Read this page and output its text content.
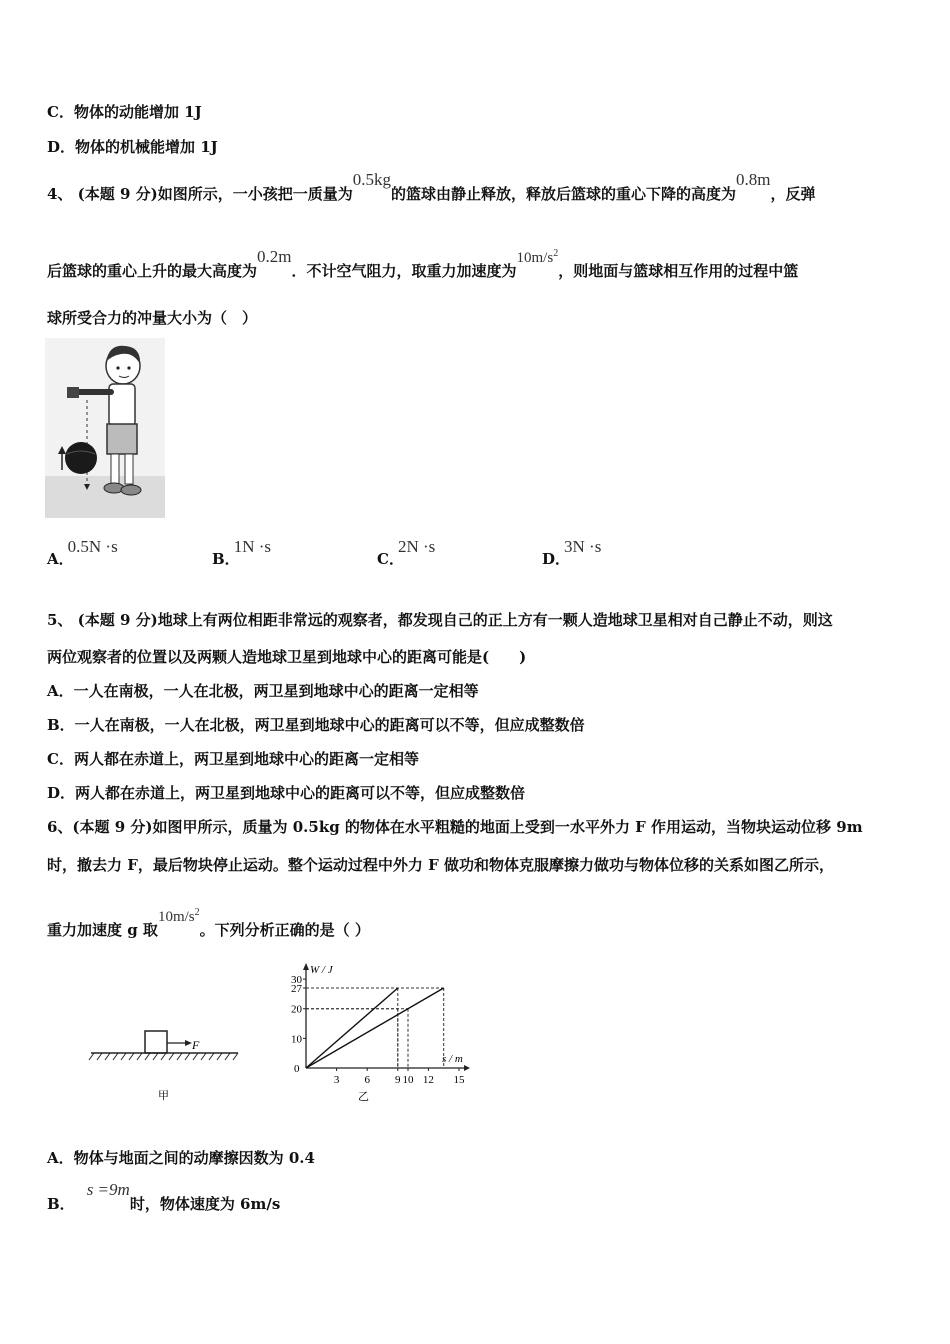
C．物体的动能增加 1J
D．物体的机械能增加 1J
4、 (本题 9 分)如图所示，一小孩把一质量为0.5kg的篮球由静止释放，释放后篮球的重心下降的高度为0.8m，反弹
后篮球的重心上升的最大高度为0.2m．不计空气阻力，取重力加速度为$10m/s^2$，则地面与篮球相互作用的过程中篮
球所受合力的冲量大小为（　）
A．0.5N ·s
B．1N ·s
C．2N ·s
D．3N ·s
5、 (本题 9 分)地球上有两位相距非常远的观察者，都发现自己的正上方有一颗人造地球卫星相对自己静止不动，则这
两位观察者的位置以及两颗人造地球卫星到地球中心的距离可能是(　　)
A．一人在南极，一人在北极，两卫星到地球中心的距离一定相等
B．一人在南极，一人在北极，两卫星到地球中心的距离可以不等，但应成整数倍
C．两人都在赤道上，两卫星到地球中心的距离一定相等
D．两人都在赤道上，两卫星到地球中心的距离可以不等，但应成整数倍
6、(本题 9 分)如图甲所示，质量为 0.5kg 的物体在水平粗糙的地面上受到一水平外力 F 作用运动，当物块运动位移 9m
时，撤去力 F，最后物块停止运动。整个运动过程中外力 F 做功和物体克服摩擦力做功与物体位移的关系如图乙所示，
重力加速度 g 取$10m/s^2$。下列分析正确的是（ ）
F
甲
W / J
s / m
0
乙
10
20
27
30
3 6 9 10 12 15
A．物体与地面之间的动摩擦因数为 0.4
B．s =9m时，物体速度为 6m/s
